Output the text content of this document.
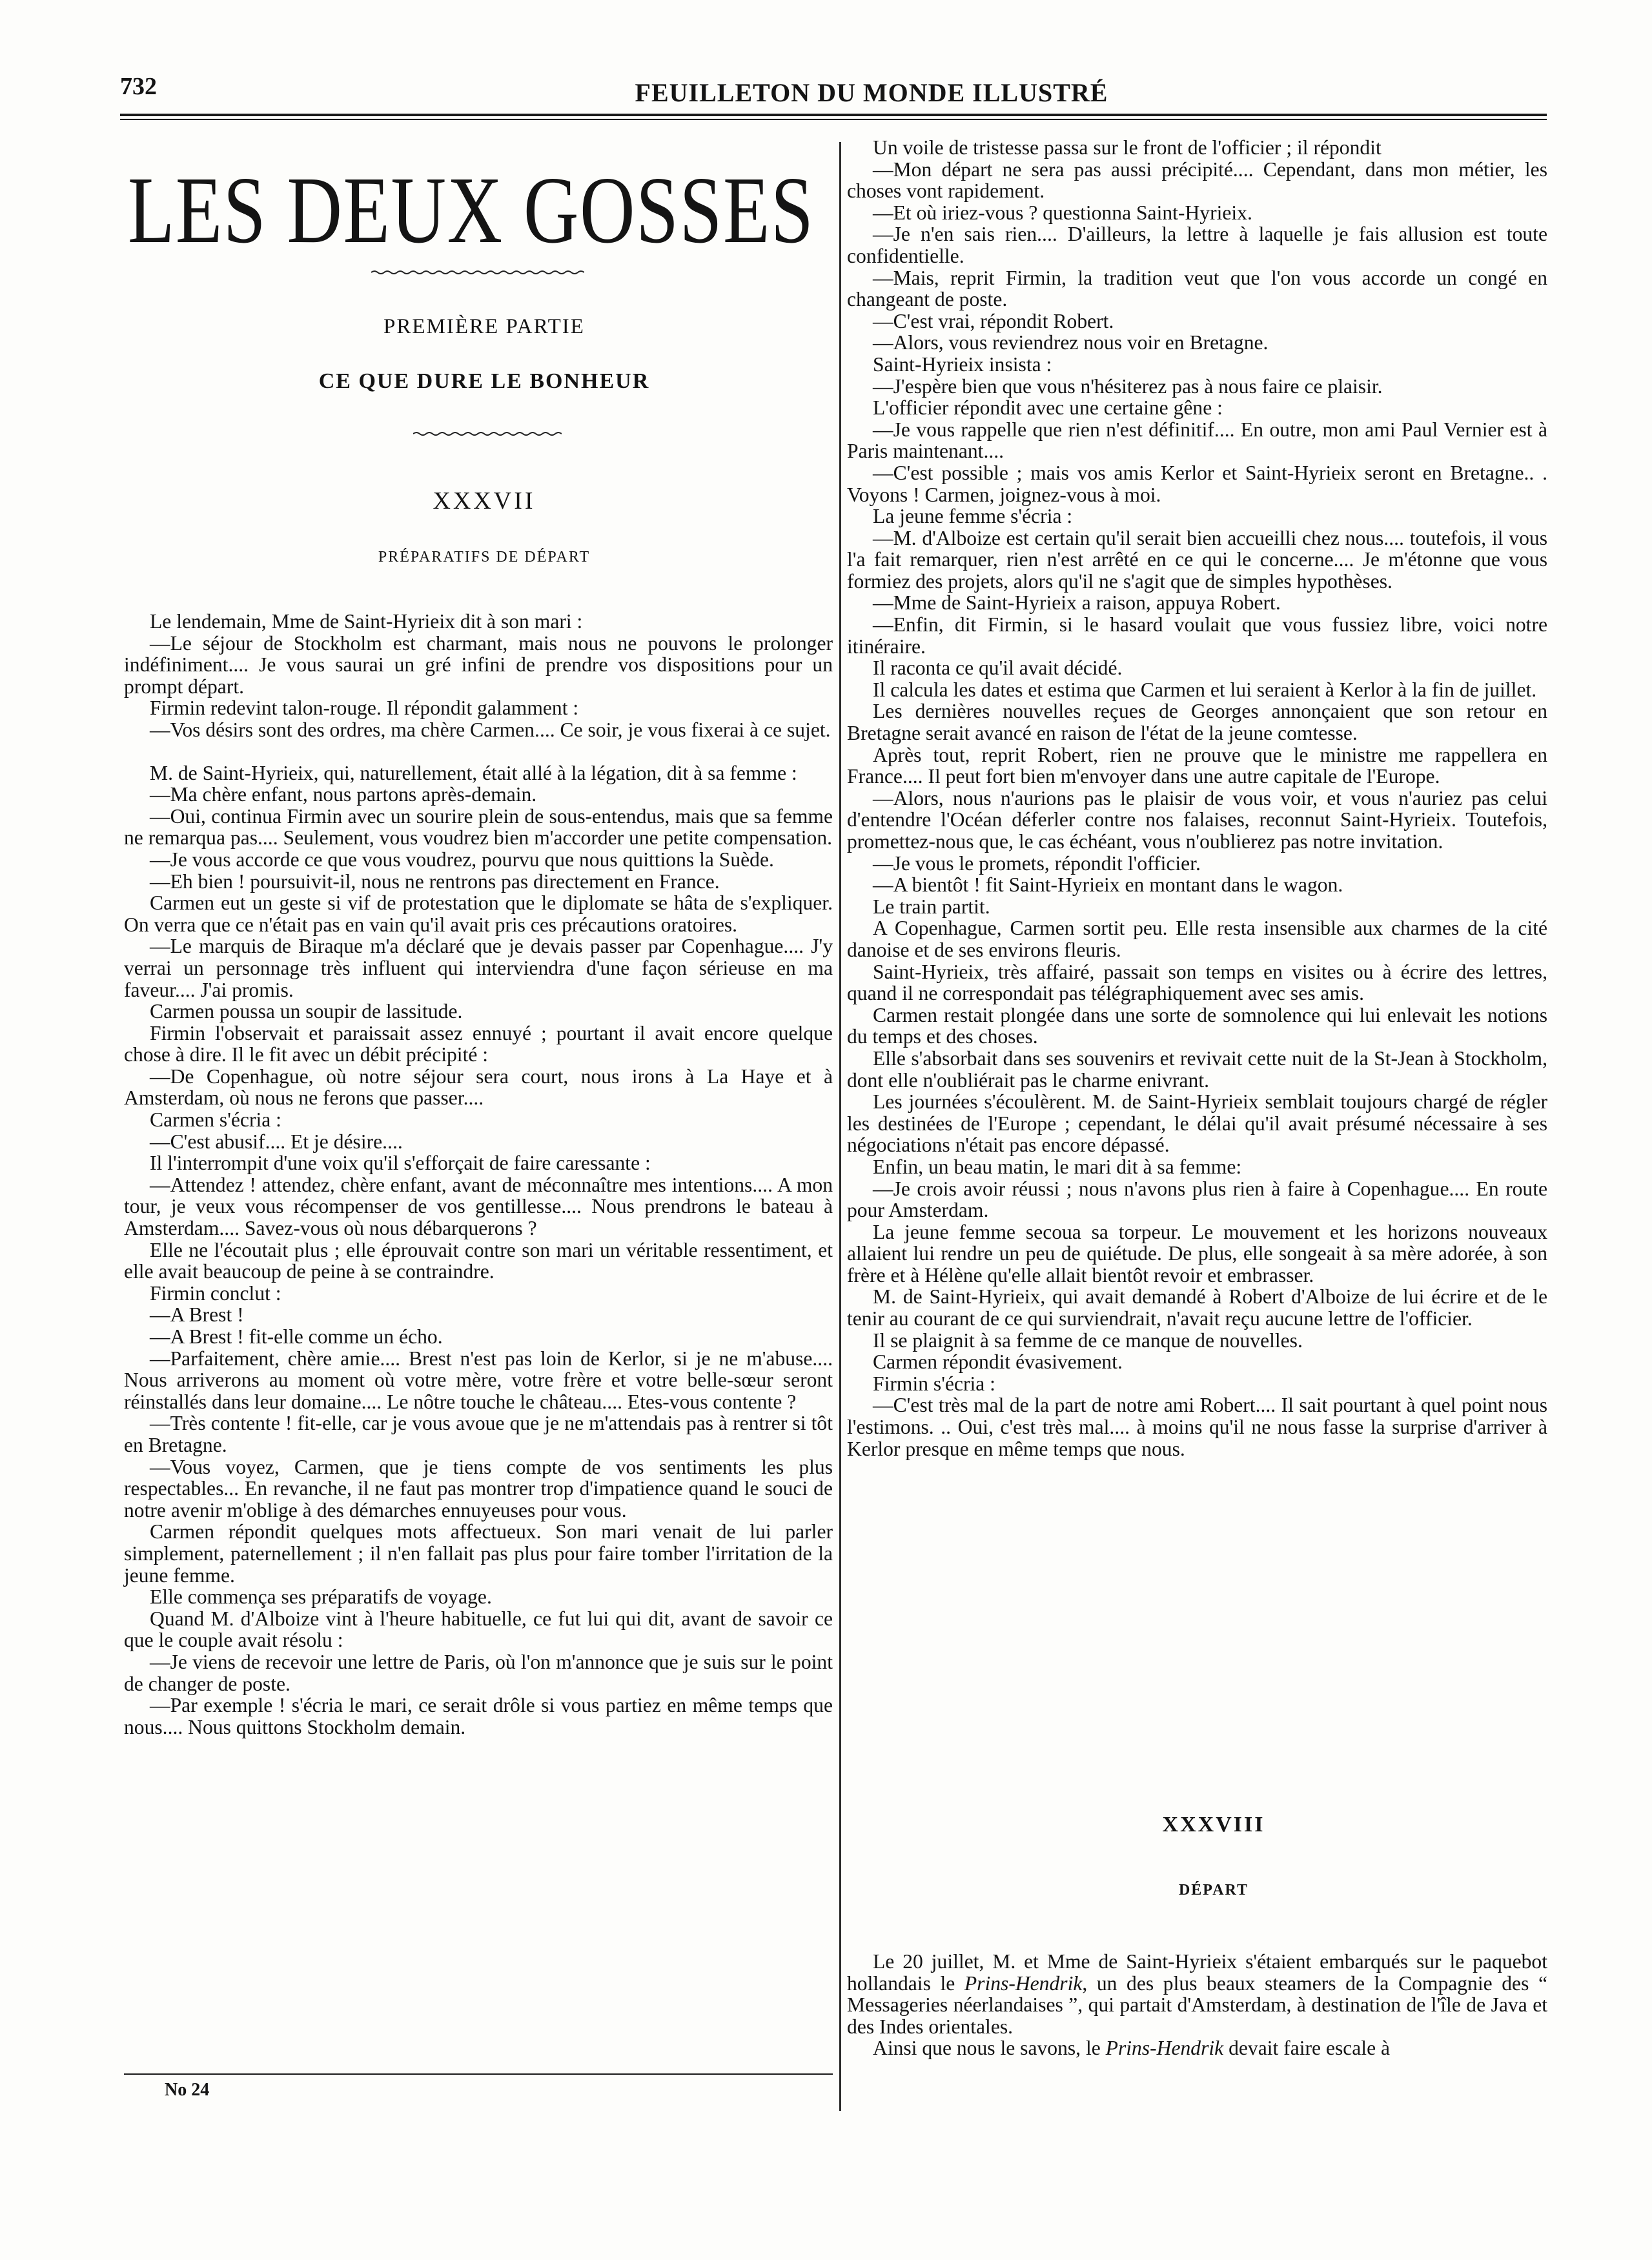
732	FEUILLETON DU MONDE ILLUSTRÉ
LES DEUX GOSSES
PREMIÈRE PARTIE
CE QUE DURE LE BONHEUR
XXXVII
PRÉPARATIFS DE DÉPART

Le lendemain, Mme de Saint-Hyrieix dit à son mari :

—Le séjour de Stockholm est charmant, mais nous ne pouvons le prolonger indéfiniment.... Je vous saurai un gré infini de prendre vos dispositions pour un prompt départ.

Firmin redevint talon-rouge. Il répondit galamment :

—Vos désirs sont des ordres, ma chère Carmen.... Ce soir, je vous fixerai à ce sujet.

M. de Saint-Hyrieix, qui, naturellement, était allé à la légation, dit à sa femme :

—Ma chère enfant, nous partons après-demain.

—Oui, continua Firmin avec un sourire plein de sous-entendus, mais que sa femme ne remarqua pas.... Seulement, vous voudrez bien m'accorder une petite compensation.

—Je vous accorde ce que vous voudrez, pourvu que nous quittions la Suède.

—Eh bien ! poursuivit-il, nous ne rentrons pas directement en France.

Carmen eut un geste si vif de protestation que le diplomate se hâta de s'expliquer. On verra que ce n'était pas en vain qu'il avait pris ces précautions oratoires.

—Le marquis de Biraque m'a déclaré que je devais passer par Copenhague.... J'y verrai un personnage très influent qui interviendra d'une façon sérieuse en ma faveur.... J'ai promis.

Carmen poussa un soupir de lassitude.

Firmin l'observait et paraissait assez ennuyé ; pourtant il avait encore quelque chose à dire. Il le fit avec un débit précipité :

—De Copenhague, où notre séjour sera court, nous irons à La Haye et à Amsterdam, où nous ne ferons que passer....

Carmen s'écria :

—C'est abusif.... Et je désire....

Il l'interrompit d'une voix qu'il s'efforçait de faire caressante :

—Attendez ! attendez, chère enfant, avant de méconnaître mes intentions.... A mon tour, je veux vous récompenser de vos gentillesse.... Nous prendrons le bateau à Amsterdam.... Savez-vous où nous débarquerons ?

Elle ne l'écoutait plus ; elle éprouvait contre son mari un véritable ressentiment, et elle avait beaucoup de peine à se contraindre.

Firmin conclut :

—A Brest !

—A Brest ! fit-elle comme un écho.

—Parfaitement, chère amie.... Brest n'est pas loin de Kerlor, si je ne m'abuse.... Nous arriverons au moment où votre mère, votre frère et votre belle-sœur seront réinstallés dans leur domaine.... Le nôtre touche le château.... Etes-vous contente ?

—Très contente ! fit-elle, car je vous avoue que je ne m'attendais pas à rentrer si tôt en Bretagne.

—Vous voyez, Carmen, que je tiens compte de vos sentiments les plus respectables... En revanche, il ne faut pas montrer trop d'impatience quand le souci de notre avenir m'oblige à des démarches ennuyeuses pour vous.

Carmen répondit quelques mots affectueux. Son mari venait de lui parler simplement, paternellement ; il n'en fallait pas plus pour faire tomber l'irritation de la jeune femme.

Elle commença ses préparatifs de voyage.

Quand M. d'Alboize vint à l'heure habituelle, ce fut lui qui dit, avant de savoir ce que le couple avait résolu :

—Je viens de recevoir une lettre de Paris, où l'on m'annonce que je suis sur le point de changer de poste.

—Par exemple ! s'écria le mari, ce serait drôle si vous partiez en même temps que nous.... Nous quittons Stockholm demain.

Un voile de tristesse passa sur le front de l'officier ; il répondit

—Mon départ ne sera pas aussi précipité.... Cependant, dans mon métier, les choses vont rapidement.

—Et où iriez-vous ? questionna Saint-Hyrieix.

—Je n'en sais rien.... D'ailleurs, la lettre à laquelle je fais allusion est toute confidentielle.

—Mais, reprit Firmin, la tradition veut que l'on vous accorde un congé en changeant de poste.

—C'est vrai, répondit Robert.

—Alors, vous reviendrez nous voir en Bretagne.

Saint-Hyrieix insista :

—J'espère bien que vous n'hésiterez pas à nous faire ce plaisir.

L'officier répondit avec une certaine gêne :

—Je vous rappelle que rien n'est définitif.... En outre, mon ami Paul Vernier est à Paris maintenant....

—C'est possible ; mais vos amis Kerlor et Saint-Hyrieix seront en Bretagne.. . Voyons ! Carmen, joignez-vous à moi.

La jeune femme s'écria :

—M. d'Alboize est certain qu'il serait bien accueilli chez nous.... toutefois, il vous l'a fait remarquer, rien n'est arrêté en ce qui le concerne.... Je m'étonne que vous formiez des projets, alors qu'il ne s'agit que de simples hypothèses.

—Mme de Saint-Hyrieix a raison, appuya Robert.

—Enfin, dit Firmin, si le hasard voulait que vous fussiez libre, voici notre itinéraire.

Il raconta ce qu'il avait décidé.

Il calcula les dates et estima que Carmen et lui seraient à Kerlor à la fin de juillet.

Les dernières nouvelles reçues de Georges annonçaient que son retour en Bretagne serait avancé en raison de l'état de la jeune comtesse.

Après tout, reprit Robert, rien ne prouve que le ministre me rappellera en France.... Il peut fort bien m'envoyer dans une autre capitale de l'Europe.

—Alors, nous n'aurions pas le plaisir de vous voir, et vous n'auriez pas celui d'entendre l'Océan déferler contre nos falaises, reconnut Saint-Hyrieix. Toutefois, promettez-nous que, le cas échéant, vous n'oublierez pas notre invitation.

—Je vous le promets, répondit l'officier.

—A bientôt ! fit Saint-Hyrieix en montant dans le wagon.

Le train partit.

A Copenhague, Carmen sortit peu. Elle resta insensible aux charmes de la cité danoise et de ses environs fleuris.

Saint-Hyrieix, très affairé, passait son temps en visites ou à écrire des lettres, quand il ne correspondait pas télégraphiquement avec ses amis.

Carmen restait plongée dans une sorte de somnolence qui lui enlevait les notions du temps et des choses.

Elle s'absorbait dans ses souvenirs et revivait cette nuit de la St-Jean à Stockholm, dont elle n'oubliérait pas le charme enivrant.

Les journées s'écoulèrent. M. de Saint-Hyrieix semblait toujours chargé de régler les destinées de l'Europe ; cependant, le délai qu'il avait présumé nécessaire à ses négociations n'était pas encore dépassé.

Enfin, un beau matin, le mari dit à sa femme:

—Je crois avoir réussi ; nous n'avons plus rien à faire à Copenhague.... En route pour Amsterdam.

La jeune femme secoua sa torpeur. Le mouvement et les horizons nouveaux allaient lui rendre un peu de quiétude. De plus, elle songeait à sa mère adorée, à son frère et à Hélène qu'elle allait bientôt revoir et embrasser.

M. de Saint-Hyrieix, qui avait demandé à Robert d'Alboize de lui écrire et de le tenir au courant de ce qui surviendrait, n'avait reçu aucune lettre de l'officier.

Il se plaignit à sa femme de ce manque de nouvelles.

Carmen répondit évasivement.

Firmin s'écria :

—C'est très mal de la part de notre ami Robert.... Il sait pourtant à quel point nous l'estimons. .. Oui, c'est très mal.... à moins qu'il ne nous fasse la surprise d'arriver à Kerlor presque en même temps que nous.

XXXVIII
DÉPART

Le 20 juillet, M. et Mme de Saint-Hyrieix s'étaient embarqués sur le paquebot hollandais le Prins-Hendrik, un des plus beaux steamers de la Compagnie des “ Messageries néerlandaises ”, qui partait d'Amsterdam, à destination de l'île de Java et des Indes orientales.

Ainsi que nous le savons, le Prins-Hendrik devait faire escale à

No 24
